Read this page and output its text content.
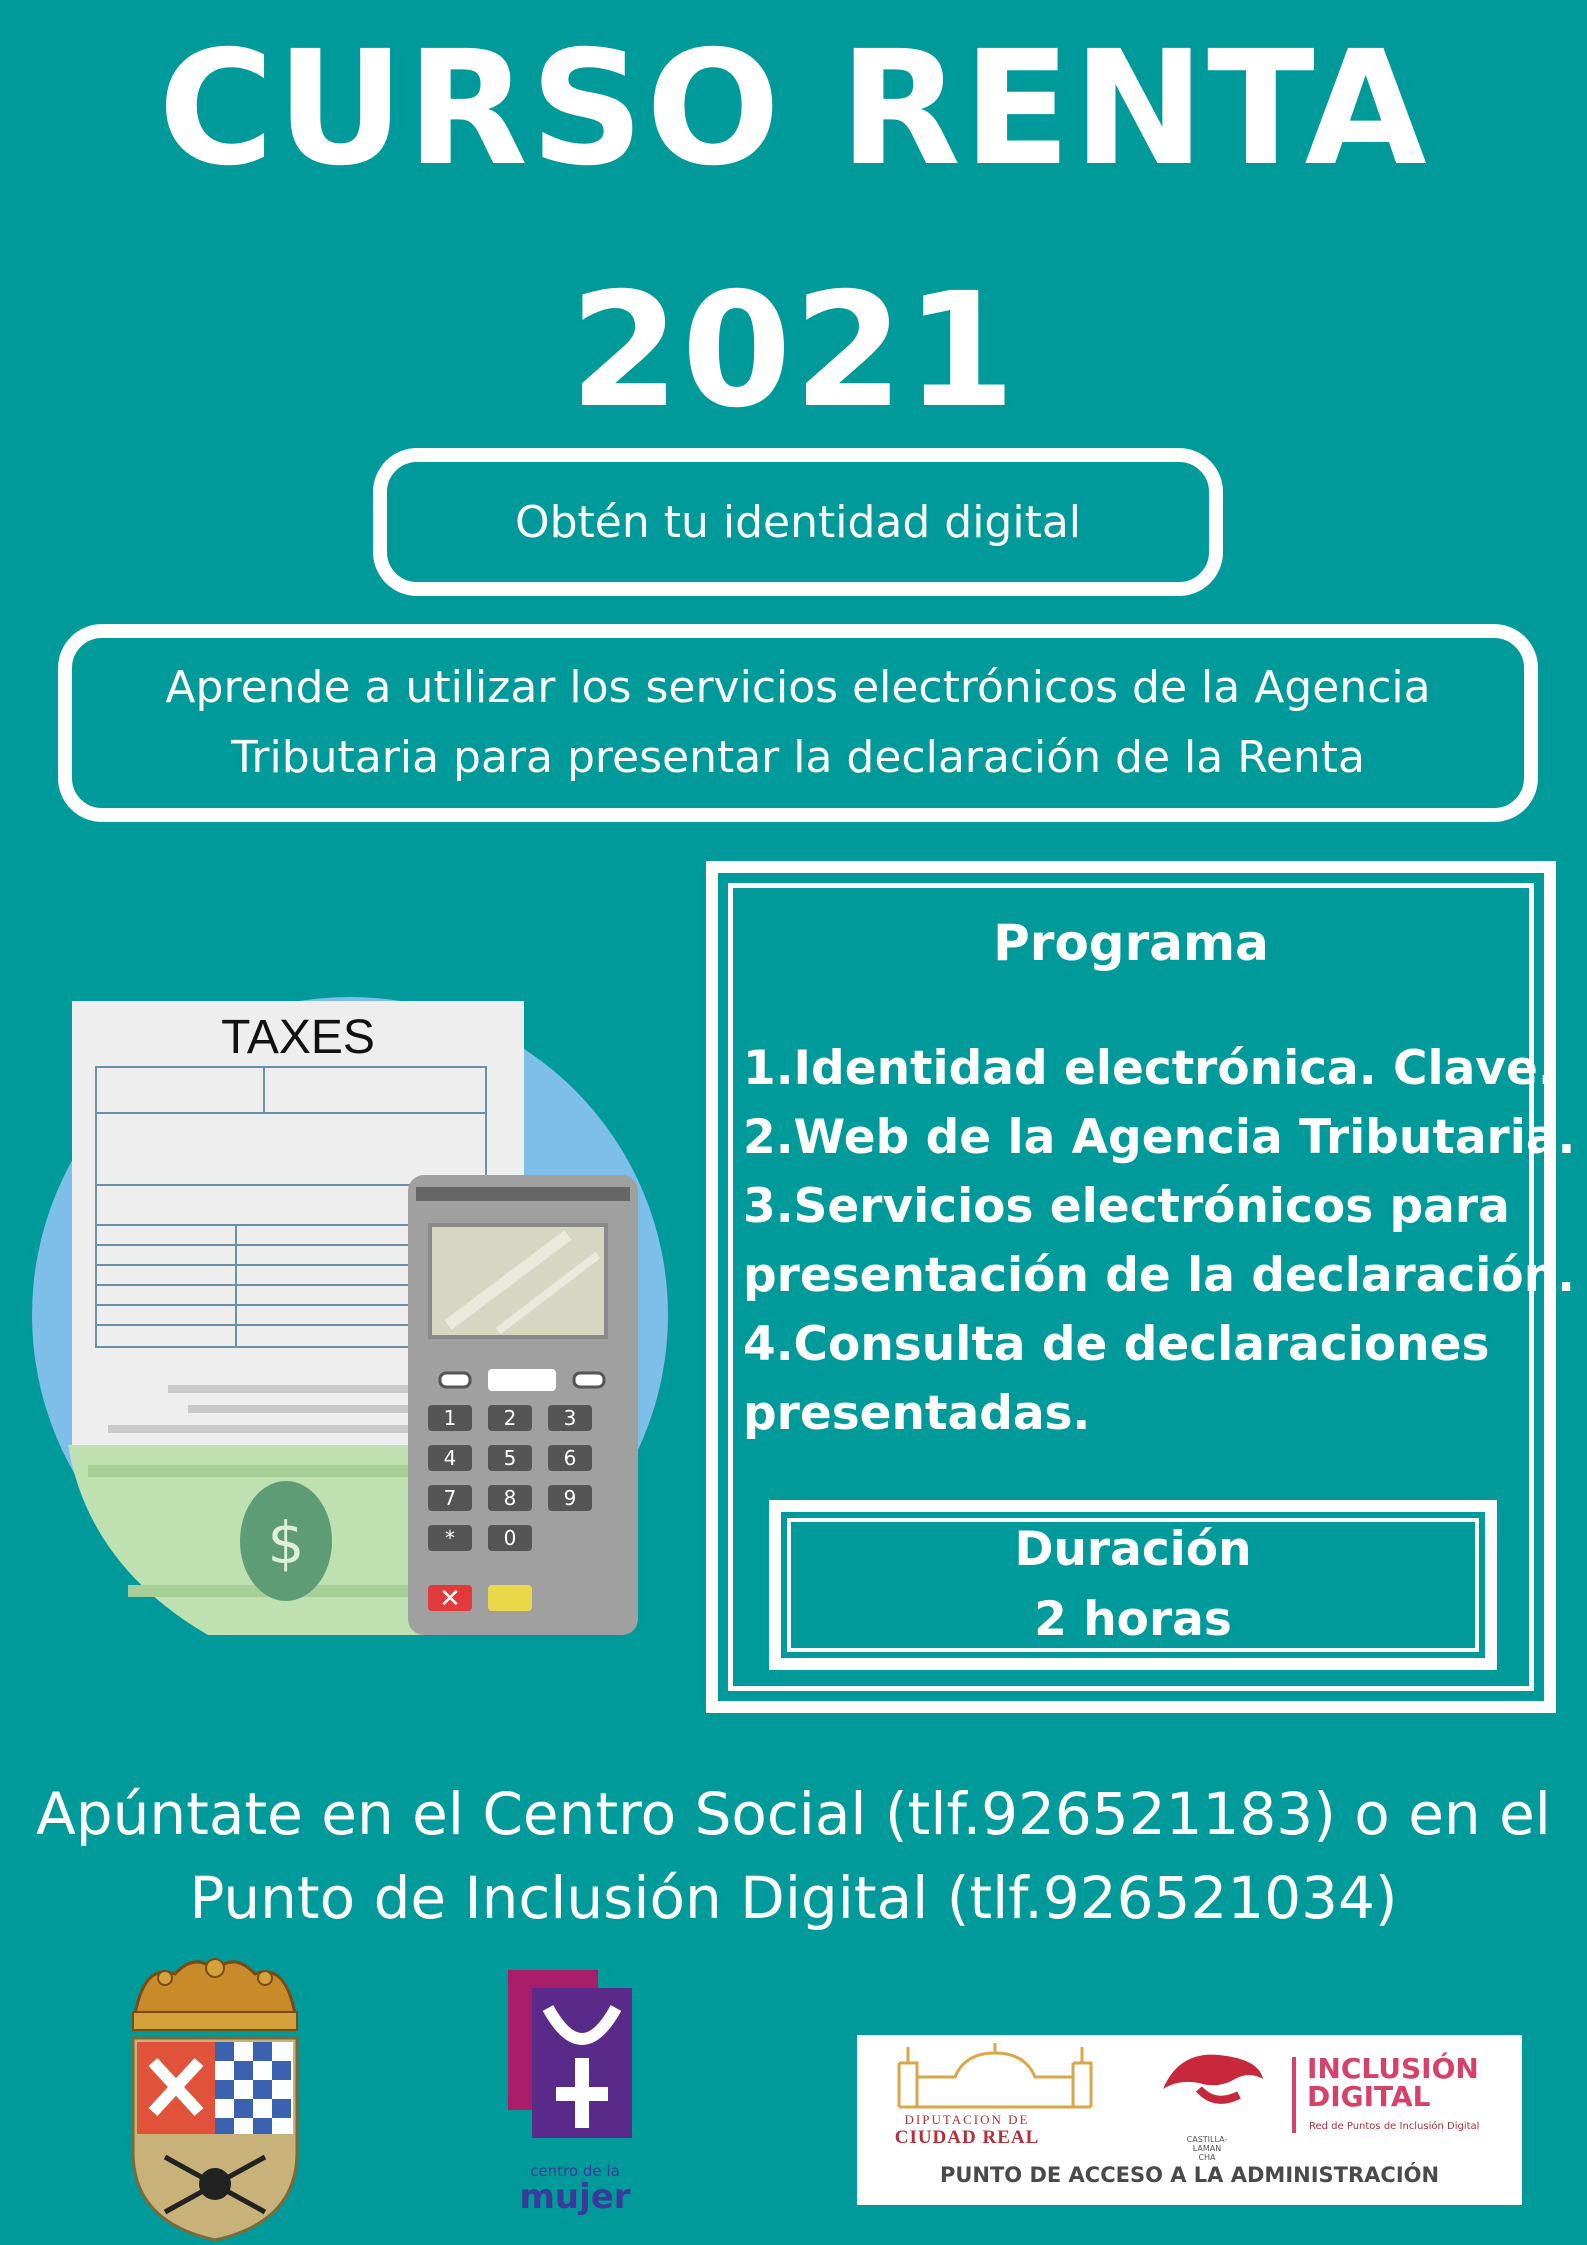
CURSO RENTA
2021
Obtén tu identidad digital
Aprende a utilizar los servicios electrónicos de la Agencia Tributaria para presentar la declaración de la Renta
TAXES
$
1 2 3
4 5 6
7 8 9
* 0
✕
Programa
1.Identidad electrónica. Clave.
2.Web de la Agencia Tributaria.
3.Servicios electrónicos para
presentación de la declaración.
4.Consulta de declaraciones
presentadas.
Duración
2 horas
Apúntate en el Centro Social (tlf.926521183) o en el
Punto de Inclusión Digital (tlf.926521034)
centro de la
mujer
DIPUTACION DE
CIUDAD REAL	CASTILLA-
LAMAN
CHA
INCLUSIÓN
DIGITAL
Red de Puntos de Inclusión Digital
PUNTO DE ACCESO A LA ADMINISTRACIÓN
